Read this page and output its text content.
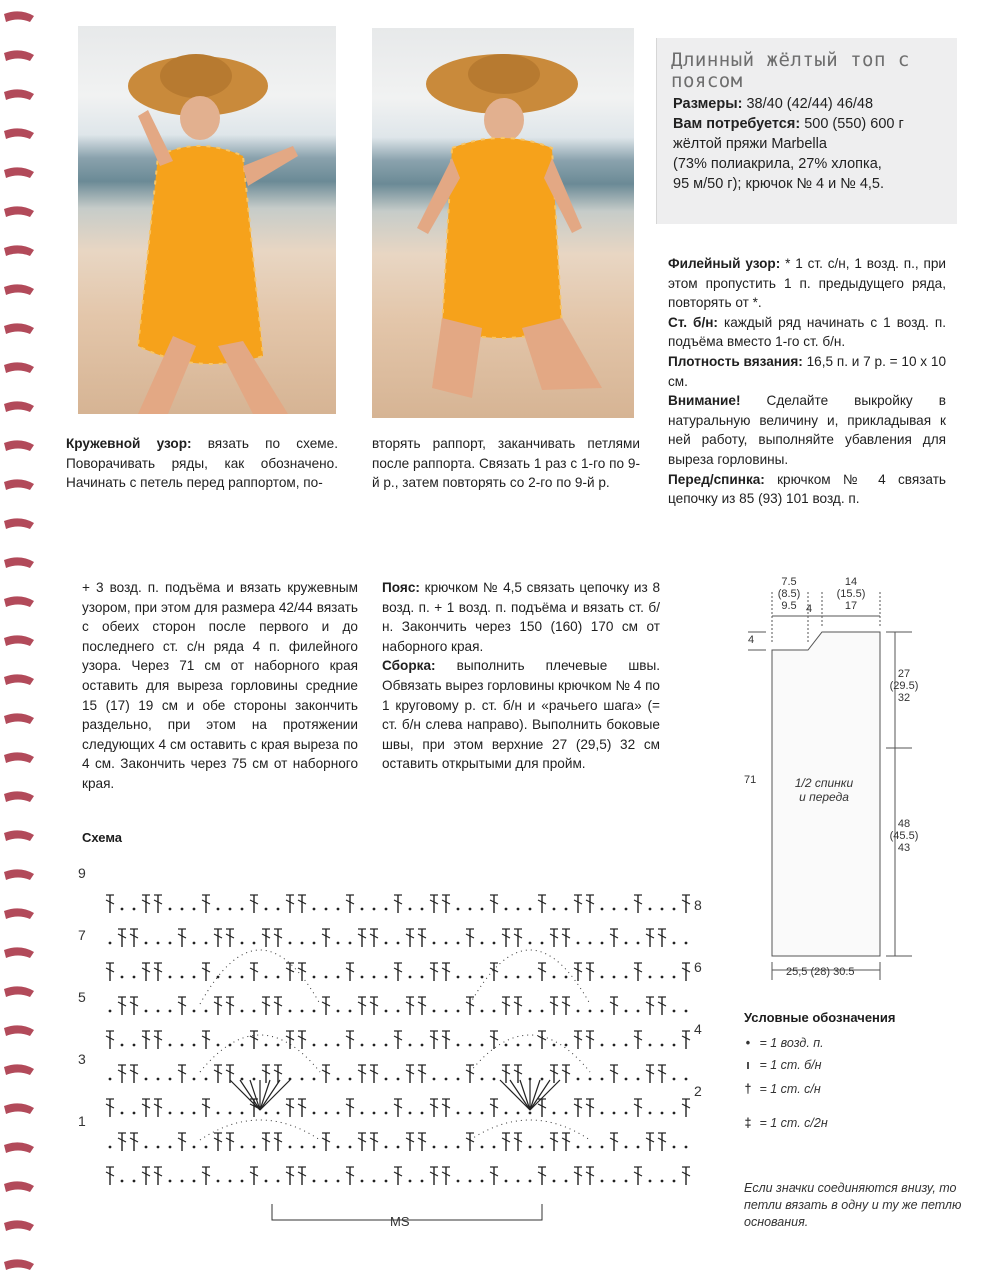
Длинный жёлтый топ с поясом
Размеры: 38/40 (42/44) 46/48
Вам потребуется: 500 (550) 600 г
жёлтой пряжи Marbella
(73% полиакрила, 27% хлопка,
95 м/50 г); крючок № 4 и № 4,5.

Филейный узор: * 1 ст. с/н, 1 возд. п., при этом пропустить 1 п. предыдущего ряда, повторять от *.

Ст. б/н: каждый ряд начинать с 1 возд. п. подъёма вместо 1-го ст. б/н.

Плотность вязания: 16,5 п. и 7 р. = 10 х 10 см.

Внимание! Сделайте выкройку в натуральную величину и, прикладывая к ней работу, выполняйте убавления для выреза горловины.

Перед/спинка: крючком № 4 связать цепочку из 85 (93) 101 возд. п.

Кружевной узор: вязать по схеме. Поворачивать ряды, как обозначено. Начинать с петель перед раппортом, по-

вторять раппорт, заканчивать петлями после раппорта. Связать 1 раз с 1-го по 9-й р., затем повторять со 2-го по 9-й р.

+ 3 возд. п. подъёма и вязать кружевным узором, при этом для размера 42/44 вязать с обеих сторон после первого и до последнего ст. с/н ряда 4 п. филейного узора. Через 71 см от наборного края оставить для выреза горловины средние 15 (17) 19 см и обе стороны закончить раздельно, при этом на протяжении следующих 4 см оставить с края выреза по 4 см. Закончить через 75 см от наборного края.

Пояс: крючком № 4,5 связать цепочку из 8 возд. п. + 1 возд. п. подъёма и вязать ст. б/н. Закончить через 150 (160) 170 см от наборного края.

Сборка: выполнить плечевые швы. Обвязать вырез горловины крючком № 4 по 1 круговому р. ст. б/н и «рачьего шага» (= ст. б/н слева направо). Выполнить боковые швы, при этом верхние 27 (29,5) 32 см оставить открытыми для пройм.

7.5
(8.5)
9.5 4
14
(15.5)
17
4
71
27
(29.5)
32
48
(45.5)
43
1/2 спинки
и переда
25,5 (28) 30.5
Схема
9
7
5
3
1
8
6
4
2
MS
Условные обозначения
• = 1 возд. п.
ı = 1 ст. б/н
† = 1 ст. с/н
‡ = 1 ст. с/2н
Если значки соединяются внизу, то петли вязать в одну и ту же петлю основания.
